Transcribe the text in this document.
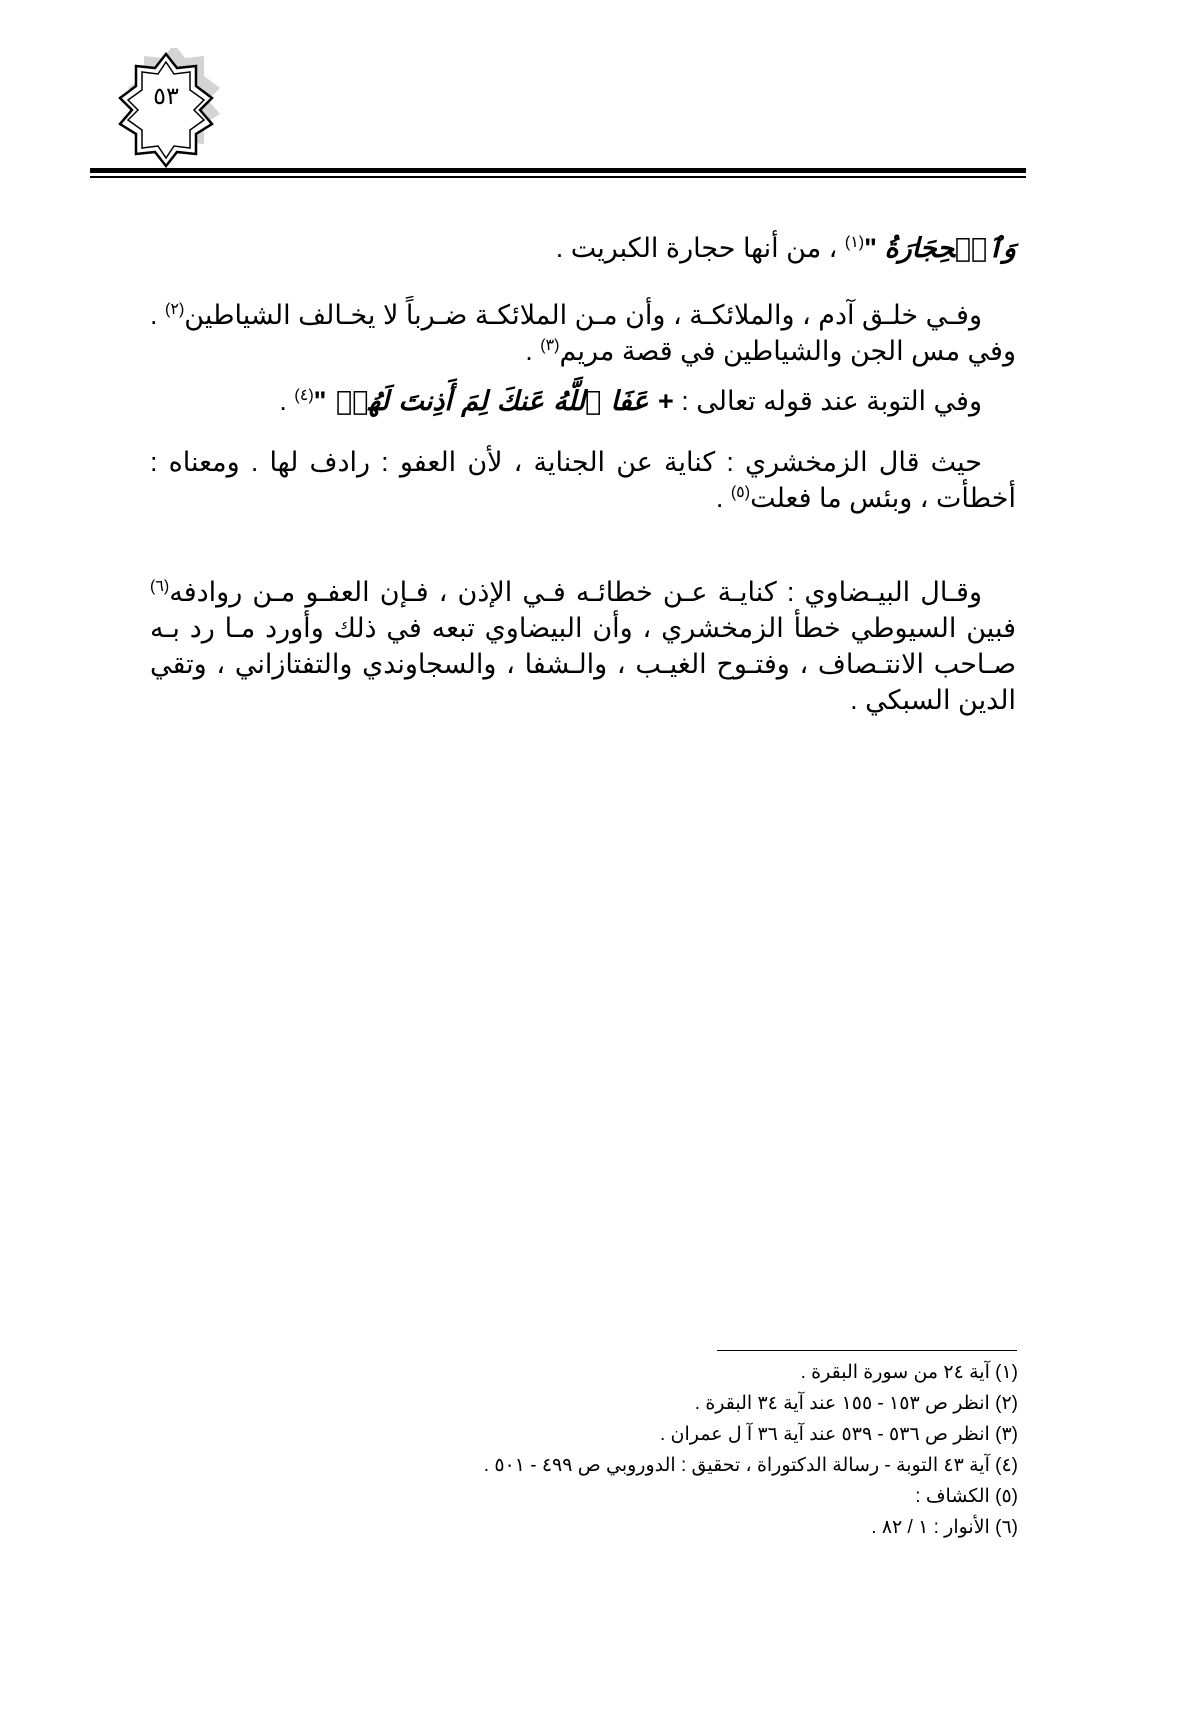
٥٣

وَٱلۡحِجَارَةُ "$^{(١)}$ ، من أنها حجارة الكبريت .

وفـي خلـق آدم ، والملائكـة ، وأن مـن الملائكـة ضـرباً لا يخـالف الشياطين$^{(٢)}$ . وفي مس الجن والشياطين في قصة مريم$^{(٣)}$ .

وفي التوبة عند قوله تعالى : + عَفَا ٱللَّهُ عَنكَ لِمَ أَذِنتَ لَهُمۡ "$^{(٤)}$ .

حيث قال الزمخشري : كناية عن الجناية ، لأن العفو : رادف لها . ومعناه : أخطأت ، وبئس ما فعلت$^{(٥)}$ .

وقـال البيـضاوي : كنايـة عـن خطائـه فـي الإذن ، فـإن العفـو مـن روادفه$^{(٦)}$ فبين السيوطي خطأ الزمخشري ، وأن البيضاوي تبعه في ذلك وأورد مـا رد بـه صـاحب الانتـصاف ، وفتـوح الغيـب ، والـشفا ، والسجاوندي والتفتازاني ، وتقي الدين السبكي .

(١) آية ٢٤ من سورة البقرة .

(٢) انظر ص ١٥٣ - ١٥٥ عند آية ٣٤ البقرة .

(٣) انظر ص ٥٣٦ - ٥٣٩ عند آية ٣٦ آ ل عمران .

(٤) آية ٤٣ التوبة - رسالة الدكتوراة ، تحقيق : الدوروبي ص ٤٩٩ - ٥٠١ .

(٥) الكشاف :

(٦) الأنوار : ١ / ٨٢ .
